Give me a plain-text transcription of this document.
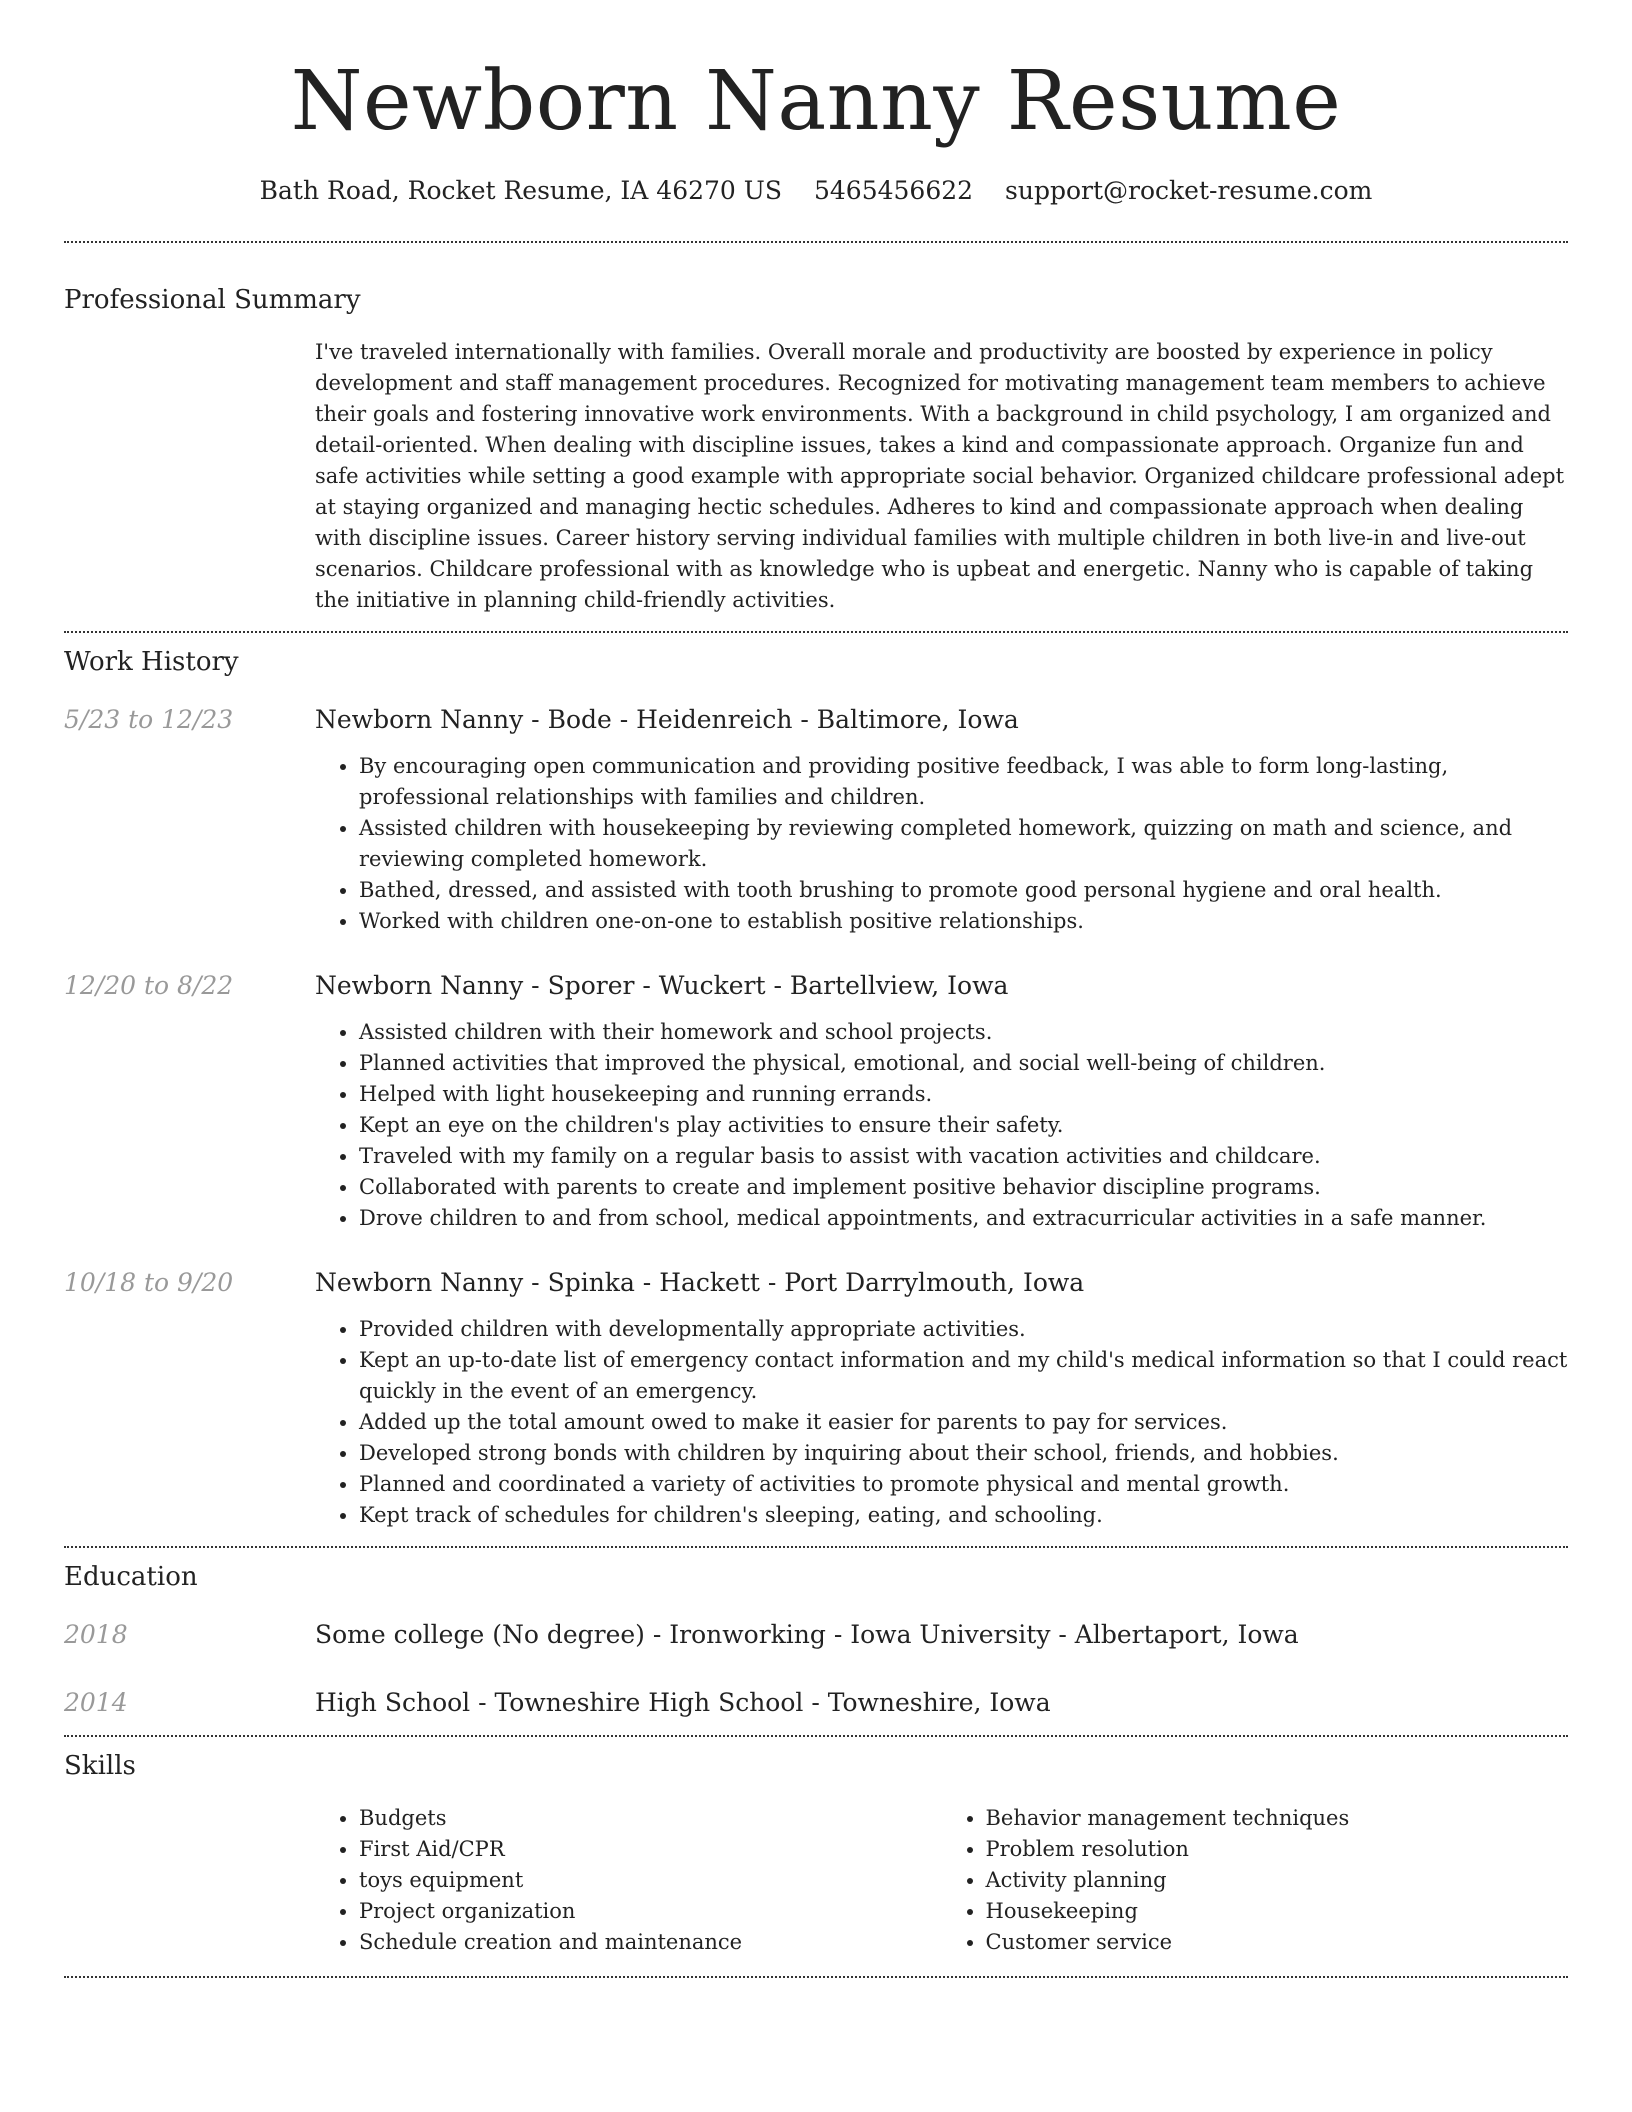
Newborn Nanny Resume
Bath Road, Rocket Resume, IA 46270 US 5465456622 support@rocket-resume.com
Professional Summary

I've traveled internationally with families. Overall morale and productivity are boosted by experience in policy development and staff management procedures. Recognized for motivating management team members to achieve their goals and fostering innovative work environments. With a background in child psychology, I am organized and detail-oriented. When dealing with discipline issues, takes a kind and compassionate approach. Organize fun and safe activities while setting a good example with appropriate social behavior. Organized childcare professional adept at staying organized and managing hectic schedules. Adheres to kind and compassionate approach when dealing with discipline issues. Career history serving individual families with multiple children in both live-in and live-out scenarios. Childcare professional with as knowledge who is upbeat and energetic. Nanny who is capable of taking the initiative in planning child-friendly activities.

Work History
5/23 to 12/23	Newborn Nanny - Bode - Heidenreich - Baltimore, Iowa
• By encouraging open communication and providing positive feedback, I was able to form long-lasting, professional relationships with families and children.
• Assisted children with housekeeping by reviewing completed homework, quizzing on math and science, and reviewing completed homework.
• Bathed, dressed, and assisted with tooth brushing to promote good personal hygiene and oral health.
• Worked with children one-on-one to establish positive relationships.
12/20 to 8/22	Newborn Nanny - Sporer - Wuckert - Bartellview, Iowa
• Assisted children with their homework and school projects.
• Planned activities that improved the physical, emotional, and social well-being of children.
• Helped with light housekeeping and running errands.
• Kept an eye on the children's play activities to ensure their safety.
• Traveled with my family on a regular basis to assist with vacation activities and childcare.
• Collaborated with parents to create and implement positive behavior discipline programs.
• Drove children to and from school, medical appointments, and extracurricular activities in a safe manner.
10/18 to 9/20	Newborn Nanny - Spinka - Hackett - Port Darrylmouth, Iowa
• Provided children with developmentally appropriate activities.
• Kept an up-to-date list of emergency contact information and my child's medical information so that I could react quickly in the event of an emergency.
• Added up the total amount owed to make it easier for parents to pay for services.
• Developed strong bonds with children by inquiring about their school, friends, and hobbies.
• Planned and coordinated a variety of activities to promote physical and mental growth.
• Kept track of schedules for children's sleeping, eating, and schooling.
Education
2018	Some college (No degree) - Ironworking - Iowa University - Albertaport, Iowa
2014	High School - Towneshire High School - Towneshire, Iowa
Skills
• Budgets
• First Aid/CPR
• toys equipment
• Project organization
• Schedule creation and maintenance
• Behavior management techniques
• Problem resolution
• Activity planning
• Housekeeping
• Customer service
